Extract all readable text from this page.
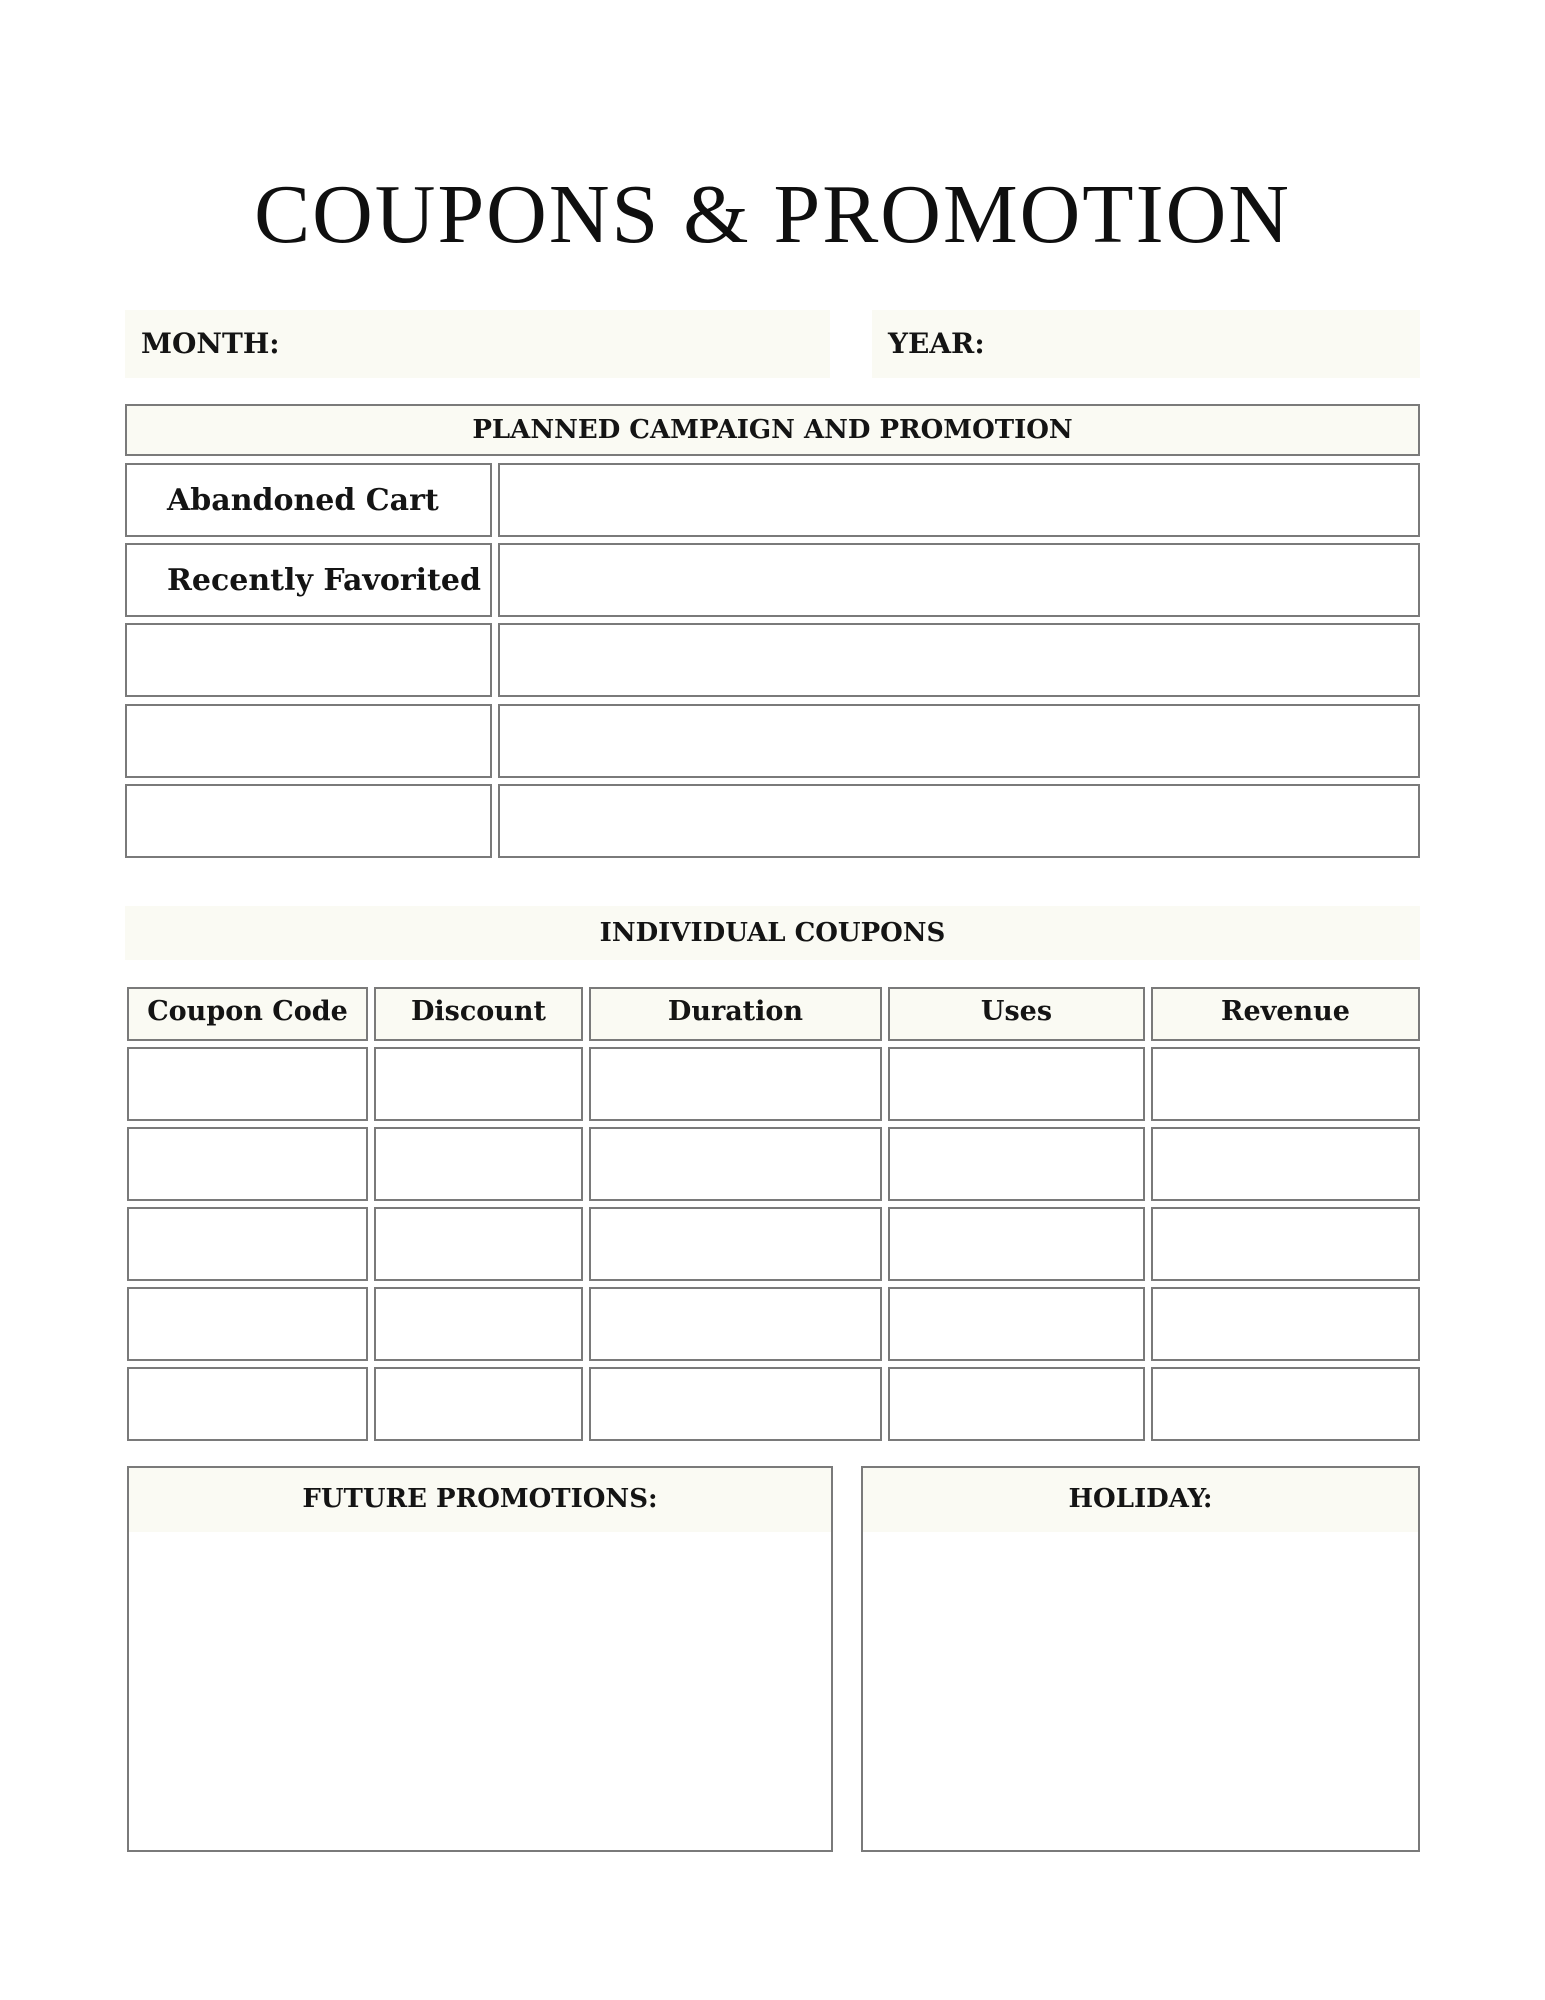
COUPONS & PROMOTION
MONTH:	YEAR:
PLANNED CAMPAIGN AND PROMOTION
Abandoned Cart
Recently Favorited
INDIVIDUAL COUPONS
Coupon Code	Discount	Duration	Uses	Revenue
FUTURE PROMOTIONS:	HOLIDAY:
